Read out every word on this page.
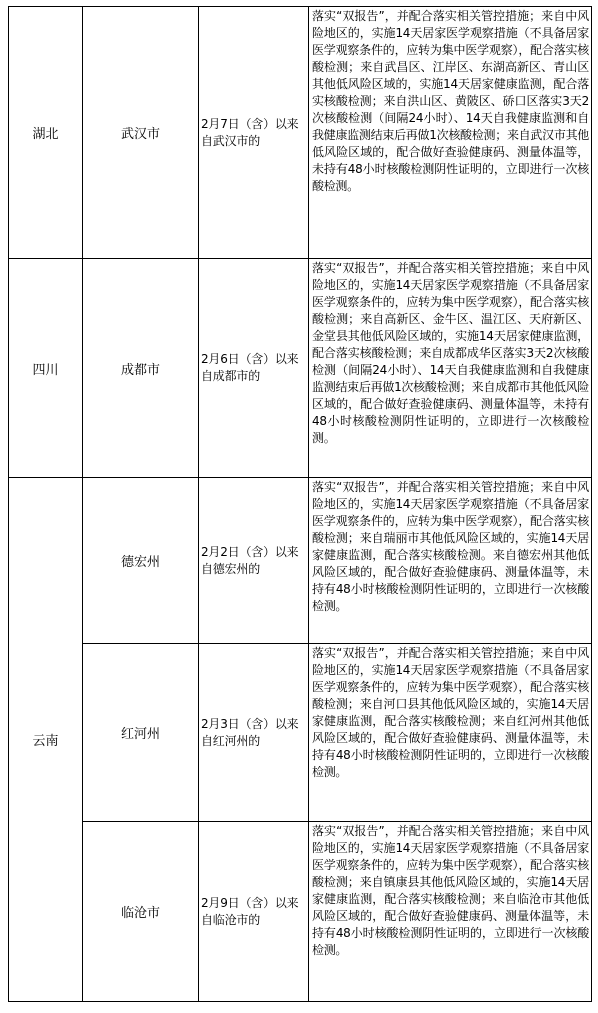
湖北	武汉市	2月7日（含）以来自武汉市的	落实“双报告”，并配合落实相关管控措施；来自中风险地区的，实施14天居家医学观察措施（不具备居家医学观察条件的，应转为集中医学观察），配合落实核酸检测；来自武昌区、江岸区、东湖高新区、青山区其他低风险区域的，实施14天居家健康监测，配合落实核酸检测；来自洪山区、黄陂区、硚口区落实3天2次核酸检测（间隔24小时）、14天自我健康监测和自我健康监测结束后再做1次核酸检测；来自武汉市其他低风险区域的，配合做好查验健康码、测量体温等，未持有48小时核酸检测阴性证明的，立即进行一次核酸检测。
四川	成都市	2月6日（含）以来自成都市的	落实“双报告”，并配合落实相关管控措施；来自中风险地区的，实施14天居家医学观察措施（不具备居家医学观察条件的，应转为集中医学观察），配合落实核酸检测；来自高新区、金牛区、温江区、天府新区、金堂县其他低风险区域的，实施14天居家健康监测，配合落实核酸检测；来自成都成华区落实3天2次核酸检测（间隔24小时）、14天自我健康监测和自我健康监测结束后再做1次核酸检测；来自成都市其他低风险区域的，配合做好查验健康码、测量体温等，未持有48小时核酸检测阴性证明的，立即进行一次核酸检测。
云南	德宏州	2月2日（含）以来自德宏州的	落实“双报告”，并配合落实相关管控措施；来自中风险地区的，实施14天居家医学观察措施（不具备居家医学观察条件的，应转为集中医学观察），配合落实核酸检测；来自瑞丽市其他低风险区域的，实施14天居家健康监测，配合落实核酸检测。来自德宏州其他低风险区域的，配合做好查验健康码、测量体温等，未持有48小时核酸检测阴性证明的，立即进行一次核酸检测。
	红河州	2月3日（含）以来自红河州的	落实“双报告”，并配合落实相关管控措施；来自中风险地区的，实施14天居家医学观察措施（不具备居家医学观察条件的，应转为集中医学观察），配合落实核酸检测；来自河口县其他低风险区域的，实施14天居家健康监测，配合落实核酸检测；来自红河州其他低风险区域的，配合做好查验健康码、测量体温等，未持有48小时核酸检测阴性证明的，立即进行一次核酸检测。
	临沧市	2月9日（含）以来自临沧市的	落实“双报告”，并配合落实相关管控措施；来自中风险地区的，实施14天居家医学观察措施（不具备居家医学观察条件的，应转为集中医学观察），配合落实核酸检测；来自镇康县其他低风险区域的，实施14天居家健康监测，配合落实核酸检测；来自临沧市其他低风险区域的，配合做好查验健康码、测量体温等，未持有48小时核酸检测阴性证明的，立即进行一次核酸检测。
